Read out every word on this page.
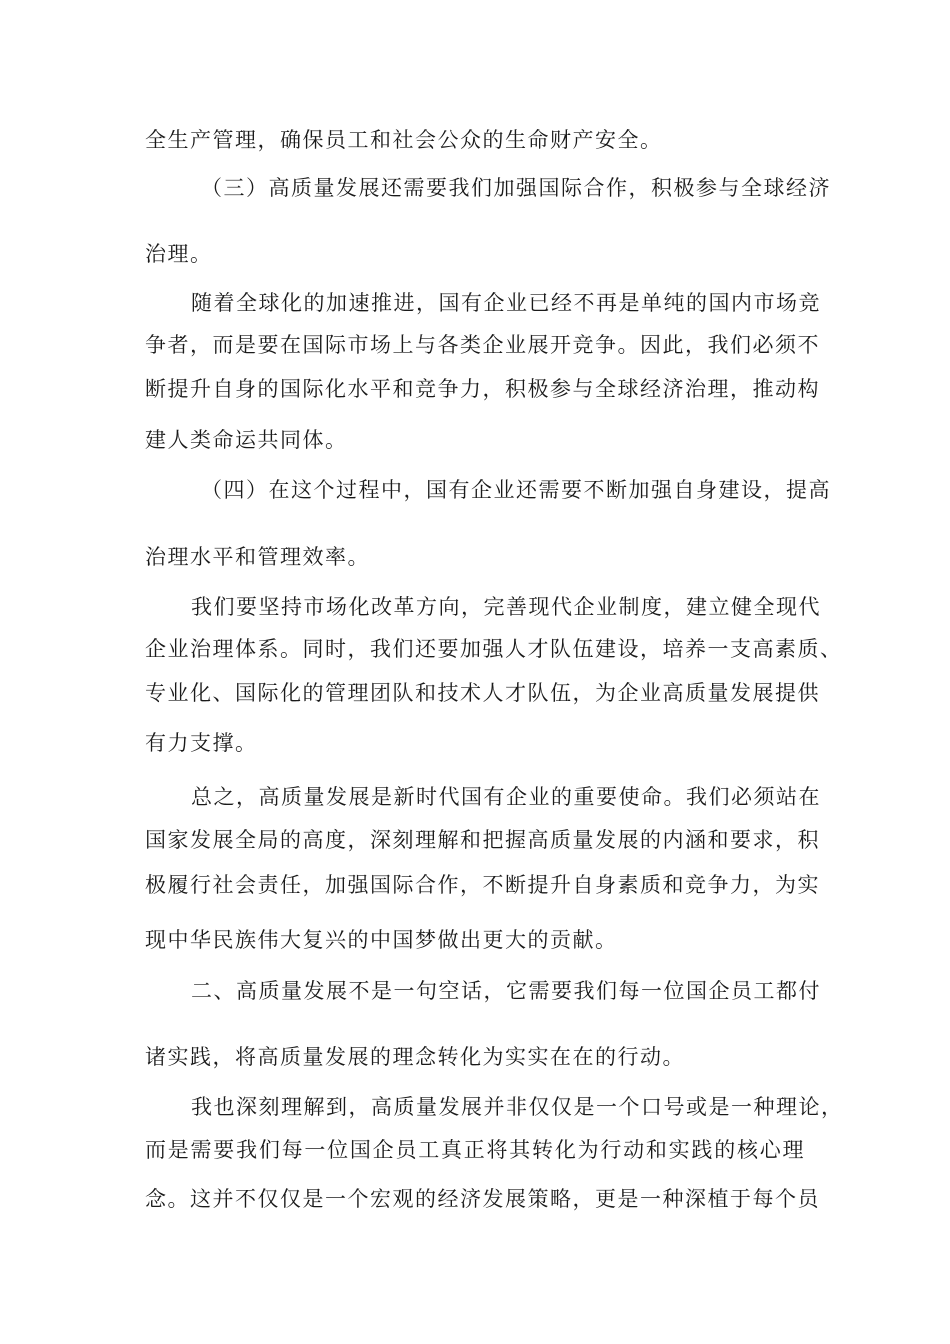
全生产管理，确保员工和社会公众的生命财产安全。
（三）高质量发展还需要我们加强国际合作，积极参与全球经济
治理。
随着全球化的加速推进，国有企业已经不再是单纯的国内市场竞
争者，而是要在国际市场上与各类企业展开竞争。因此，我们必须不
断提升自身的国际化水平和竞争力，积极参与全球经济治理，推动构
建人类命运共同体。
（四）在这个过程中，国有企业还需要不断加强自身建设，提高
治理水平和管理效率。
我们要坚持市场化改革方向，完善现代企业制度，建立健全现代
企业治理体系。同时，我们还要加强人才队伍建设，培养一支高素质、
专业化、国际化的管理团队和技术人才队伍，为企业高质量发展提供
有力支撑。
总之，高质量发展是新时代国有企业的重要使命。我们必须站在
国家发展全局的高度，深刻理解和把握高质量发展的内涵和要求，积
极履行社会责任，加强国际合作，不断提升自身素质和竞争力，为实
现中华民族伟大复兴的中国梦做出更大的贡献。
二、高质量发展不是一句空话，它需要我们每一位国企员工都付
诸实践，将高质量发展的理念转化为实实在在的行动。
我也深刻理解到，高质量发展并非仅仅是一个口号或是一种理论，
而是需要我们每一位国企员工真正将其转化为行动和实践的核心理
念。这并不仅仅是一个宏观的经济发展策略，更是一种深植于每个员
